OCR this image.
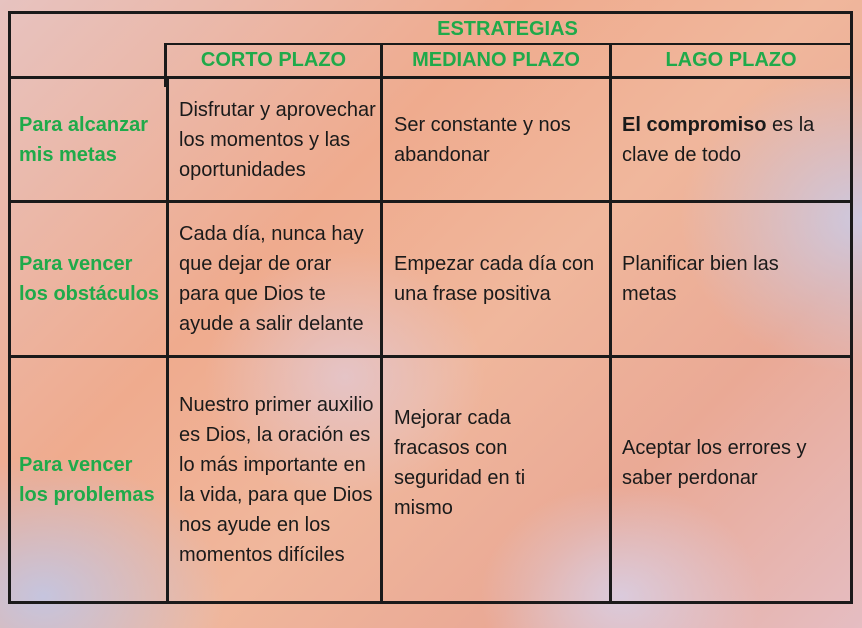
ESTRATEGIAS
CORTO PLAZO	MEDIANO PLAZO	LAGO PLAZO
Para alcanzar mis metas
Disfrutar y aprovechar los momentos y las oportunidades
Ser constante y nos abandonar
El compromiso es la clave de todo
Para vencer los obstáculos
Cada día, nunca hay que dejar de orar para que Dios te ayude a salir delante
Empezar cada día con una frase positiva
Planificar bien las metas
Para vencer los problemas
Nuestro primer auxilio es Dios, la oración es lo más importante en la vida, para que Dios nos ayude en los momentos difíciles
Mejorar cada fracasos con seguridad en ti mismo
Aceptar los errores y saber perdonar
